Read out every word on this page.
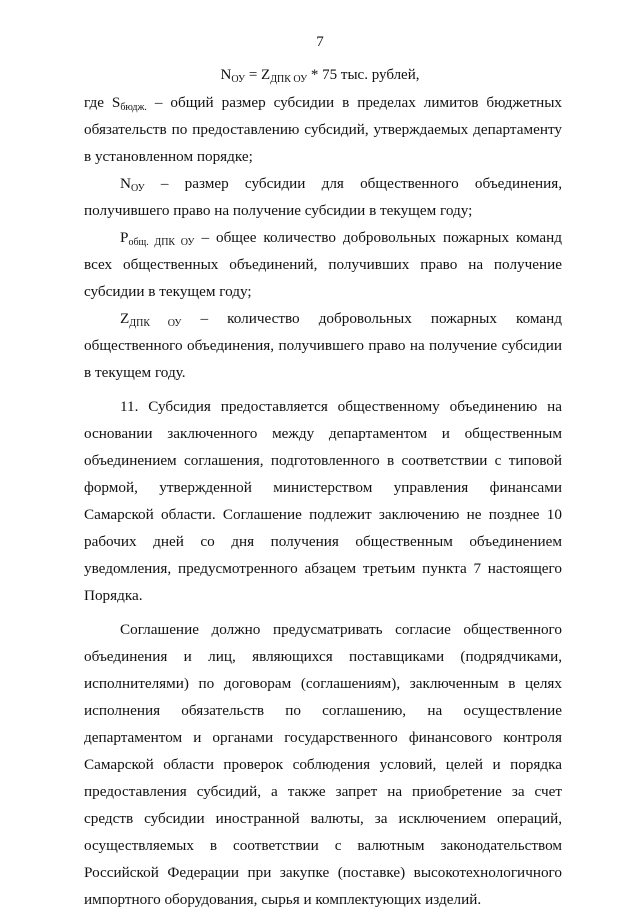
7
$N_{ОУ} = Z_{ДПК ОУ} * 75$ тыс. рублей,

где $S_{бюдж.}$ – общий размер субсидии в пределах лимитов бюджетных обязательств по предоставлению субсидий, утверждаемых департаменту в установленном порядке;

$N_{ОУ}$ – размер субсидии для общественного объединения, получившего право на получение субсидии в текущем году;

$P_{общ. ДПК ОУ}$ – общее количество добровольных пожарных команд всех общественных объединений, получивших право на получение субсидии в текущем году;

$Z_{ДПК ОУ}$ – количество добровольных пожарных команд общественного объединения, получившего право на получение субсидии в текущем году.

11. Субсидия предоставляется общественному объединению на основании заключенного между департаментом и общественным объединением соглашения, подготовленного в соответствии с типовой формой, утвержденной министерством управления финансами Самарской области. Соглашение подлежит заключению не позднее 10 рабочих дней со дня получения общественным объединением уведомления, предусмотренного абзацем третьим пункта 7 настоящего Порядка.

Соглашение должно предусматривать согласие общественного объединения и лиц, являющихся поставщиками (подрядчиками, исполнителями) по договорам (соглашениям), заключенным в целях исполнения обязательств по соглашению, на осуществление департаментом и органами государственного финансового контроля Самарской области проверок соблюдения условий, целей и порядка предоставления субсидий, а также запрет на приобретение за счет средств субсидии иностранной валюты, за исключением операций, осуществляемых в соответствии с валютным законодательством Российской Федерации при закупке (поставке) высокотехнологичного импортного оборудования, сырья и комплектующих изделий.
